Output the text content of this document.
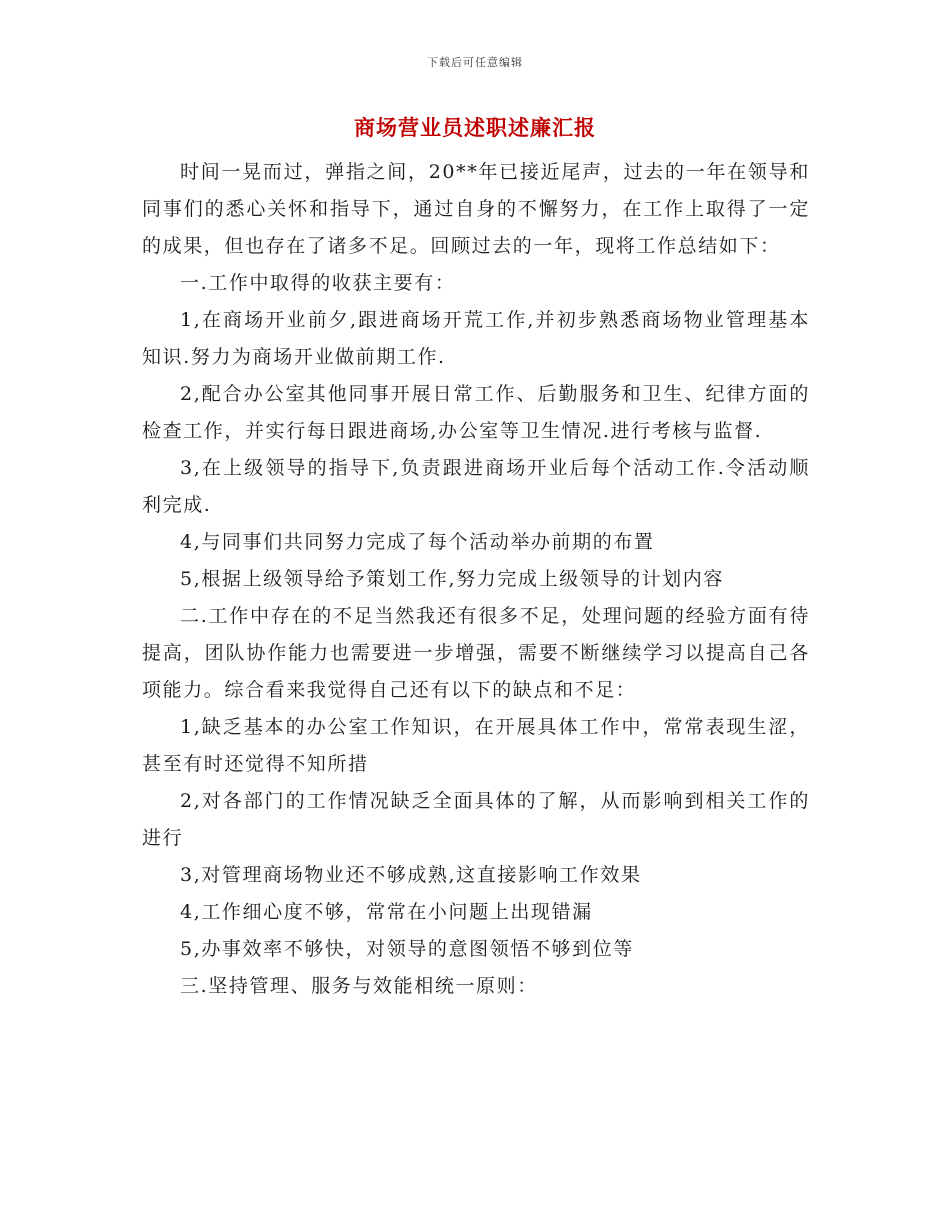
下载后可任意编辑
商场营业员述职述廉汇报

时间一晃而过，弹指之间，20**年已接近尾声，过去的一年在领导和同事们的悉心关怀和指导下，通过自身的不懈努力，在工作上取得了一定的成果，但也存在了诸多不足。回顾过去的一年，现将工作总结如下：

一.工作中取得的收获主要有：

1,在商场开业前夕,跟进商场开荒工作,并初步熟悉商场物业管理基本知识.努力为商场开业做前期工作.

2,配合办公室其他同事开展日常工作、后勤服务和卫生、纪律方面的检查工作，并实行每日跟进商场,办公室等卫生情况.进行考核与监督.

3,在上级领导的指导下,负责跟进商场开业后每个活动工作.令活动顺利完成.

4,与同事们共同努力完成了每个活动举办前期的布置

5,根据上级领导给予策划工作,努力完成上级领导的计划内容

二.工作中存在的不足当然我还有很多不足，处理问题的经验方面有待提高，团队协作能力也需要进一步增强，需要不断继续学习以提高自己各项能力。综合看来我觉得自己还有以下的缺点和不足：

1,缺乏基本的办公室工作知识，在开展具体工作中，常常表现生涩，甚至有时还觉得不知所措

2,对各部门的工作情况缺乏全面具体的了解，从而影响到相关工作的进行

3,对管理商场物业还不够成熟,这直接影响工作效果

4,工作细心度不够，常常在小问题上出现错漏

5,办事效率不够快，对领导的意图领悟不够到位等

三.坚持管理、服务与效能相统一原则：
